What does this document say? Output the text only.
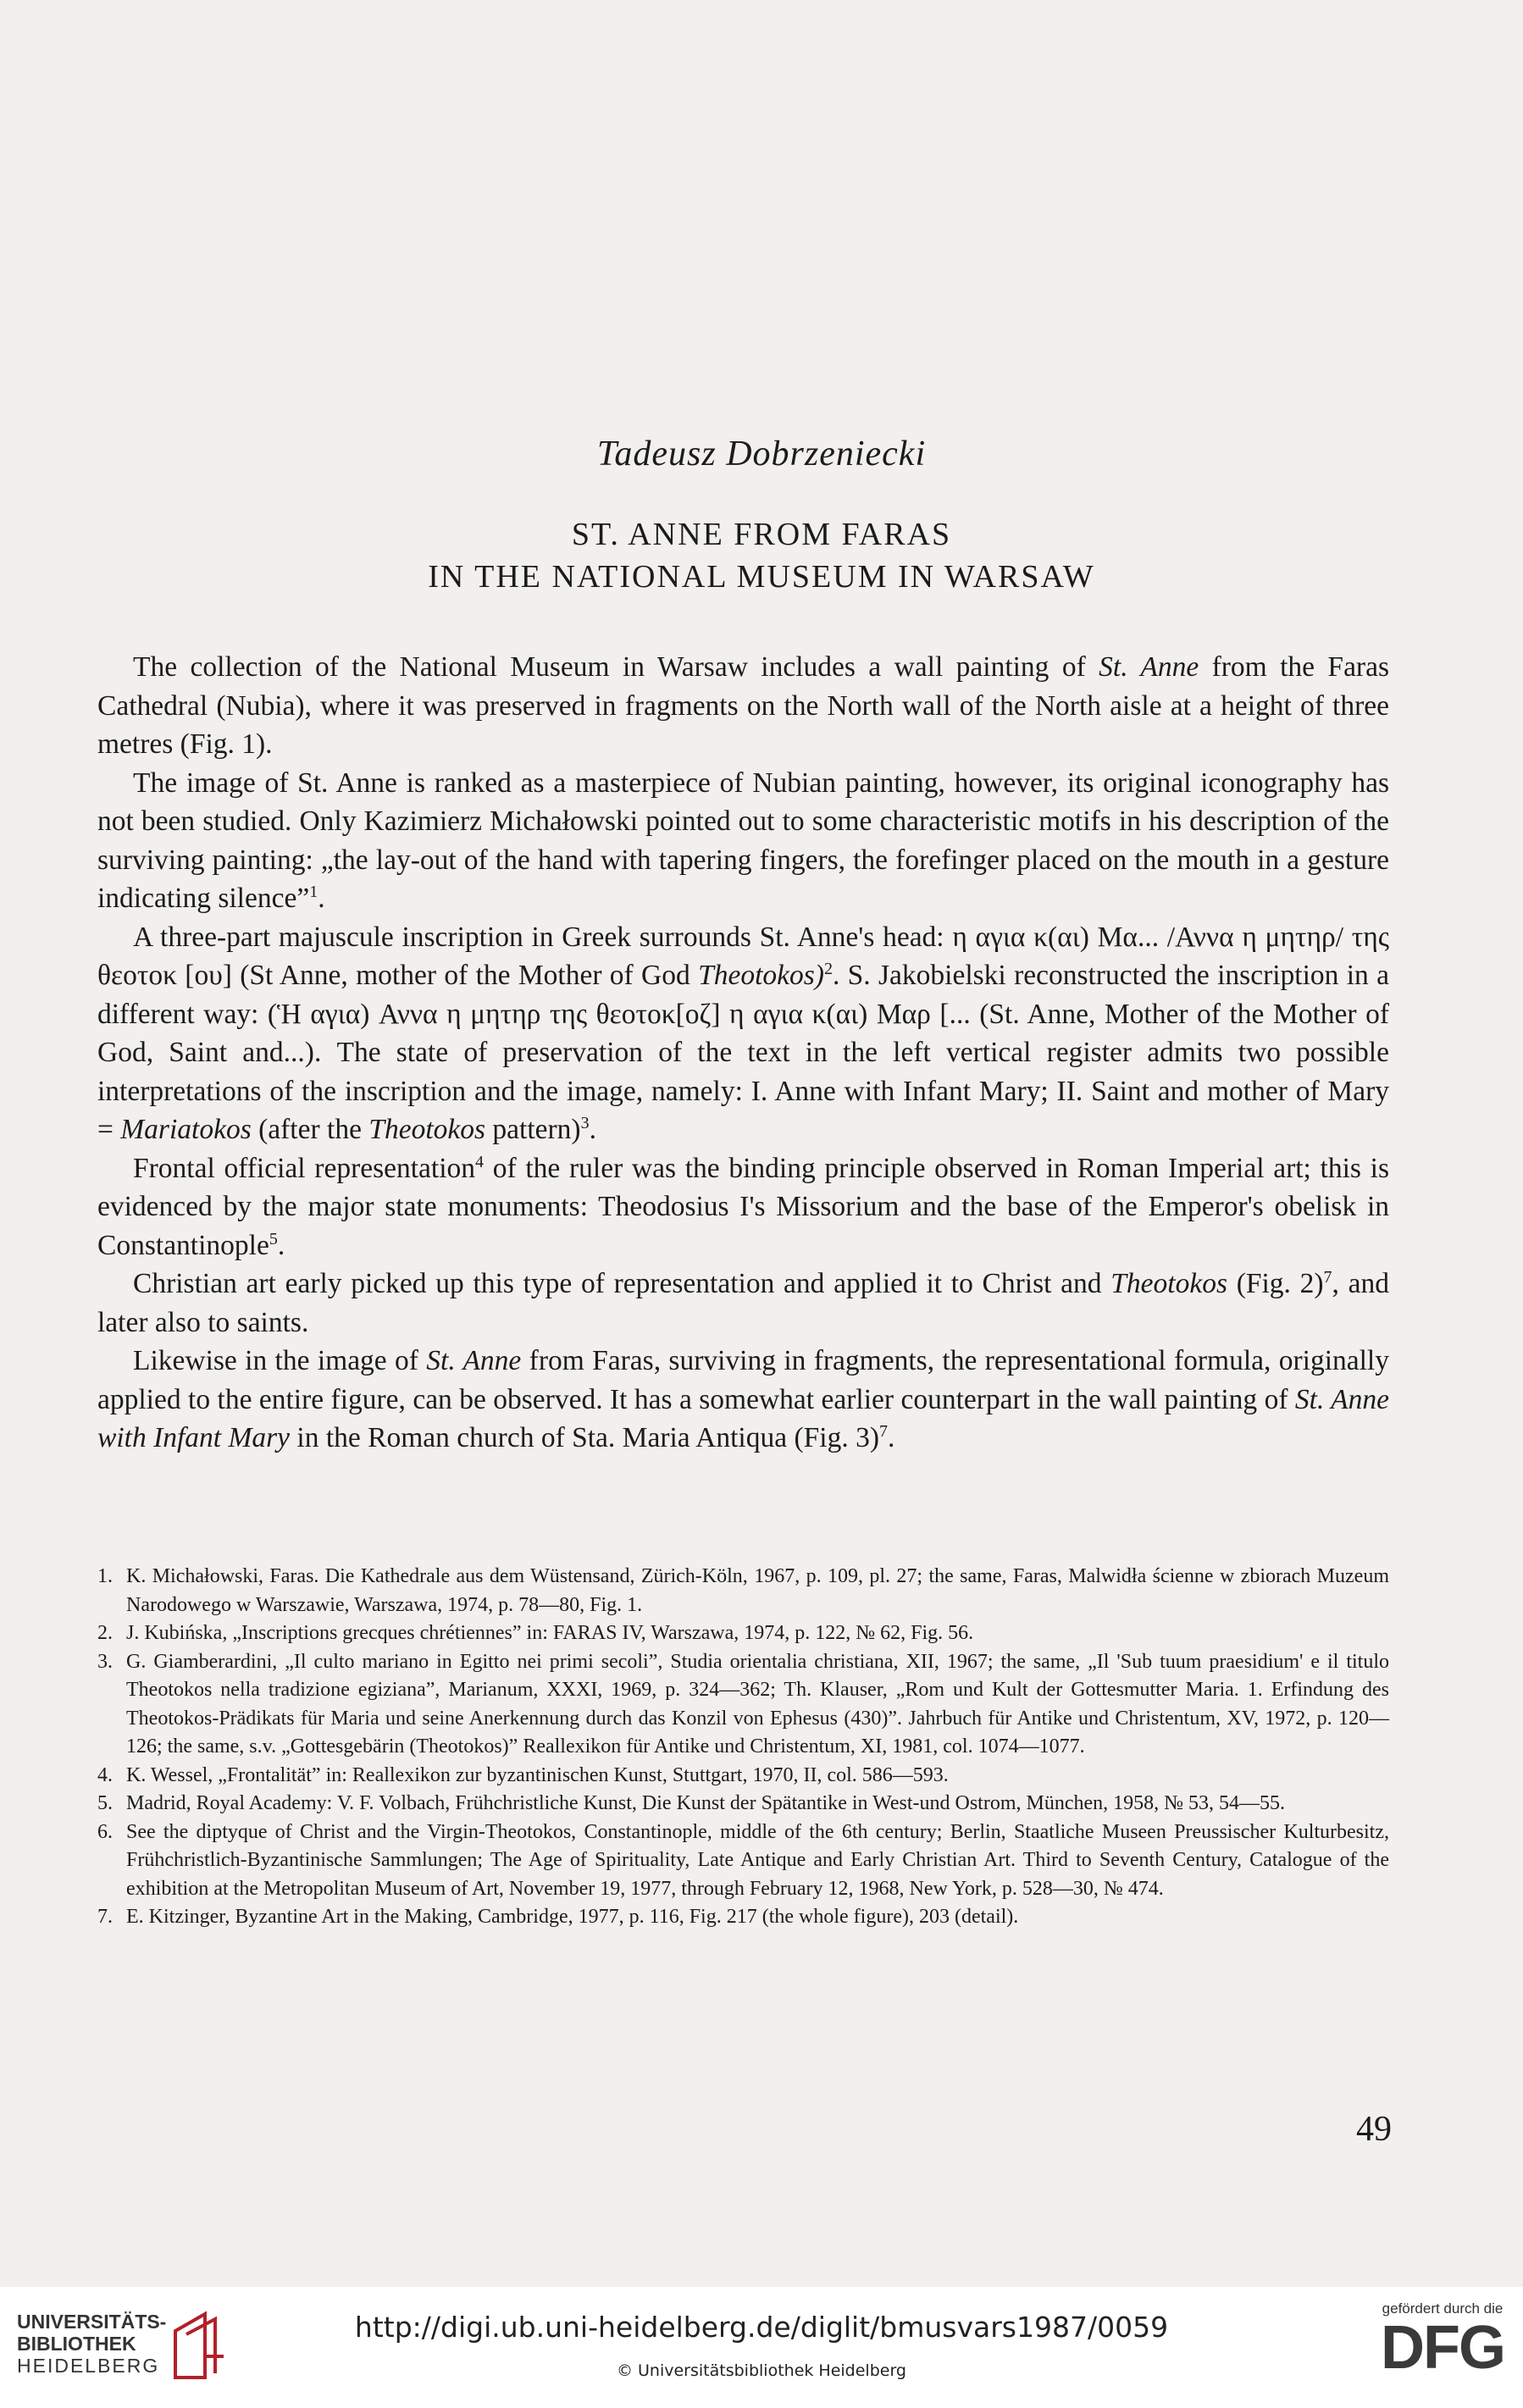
Tadeusz Dobrzeniecki
ST. ANNE FROM FARAS
IN THE NATIONAL MUSEUM IN WARSAW

The collection of the National Museum in Warsaw includes a wall painting of St. Anne from the Faras Cathedral (Nubia), where it was preserved in fragments on the North wall of the North aisle at a height of three metres (Fig. 1).

The image of St. Anne is ranked as a masterpiece of Nubian painting, however, its original iconography has not been studied. Only Kazimierz Michałowski pointed out to some characteristic motifs in his description of the surviving painting: „the lay-out of the hand with tapering fingers, the forefinger placed on the mouth in a gesture indicating silence”$^1$.

A three-part majuscule inscription in Greek surrounds St. Anne's head: η αγια κ(αι) Μα... /Αννα η μητηρ/ της θεοτοκ [ου] (St Anne, mother of the Mother of God Theotokos)$^2$. S. Jakobielski reconstructed the inscription in a different way: (Ἡ αγια) Αννα η μητηρ της θεοτοκ[οζ] η αγια κ(αι) Μαρ [... (St. Anne, Mother of the Mother of God, Saint and...). The state of preservation of the text in the left vertical register admits two possible interpretations of the inscription and the image, namely: I. Anne with Infant Mary; II. Saint and mother of Mary = Mariatokos (after the Theotokos pattern)$^3$.

Frontal official representation$^4$ of the ruler was the binding principle observed in Roman Imperial art; this is evidenced by the major state monuments: Theodosius I's Missorium and the base of the Emperor's obelisk in Constantinople$^5$.

Christian art early picked up this type of representation and applied it to Christ and Theotokos (Fig. 2)$^7$, and later also to saints.

Likewise in the image of St. Anne from Faras, surviving in fragments, the representational formula, originally applied to the entire figure, can be observed. It has a somewhat earlier counterpart in the wall painting of St. Anne with Infant Mary in the Roman church of Sta. Maria Antiqua (Fig. 3)$^7$.

1. K. Michałowski, Faras. Die Kathedrale aus dem Wüstensand, Zürich-Köln, 1967, p. 109, pl. 27; the same, Faras, Malwidła ścienne w zbiorach Muzeum Narodowego w Warszawie, Warszawa, 1974, p. 78—80, Fig. 1.
2. J. Kubińska, „Inscriptions grecques chrétiennes” in: FARAS IV, Warszawa, 1974, p. 122, № 62, Fig. 56.
3. G. Giamberardini, „Il culto mariano in Egitto nei primi secoli”, Studia orientalia christiana, XII, 1967; the same, „Il 'Sub tuum praesidium' e il titulo Theotokos nella tradizione egiziana”, Marianum, XXXI, 1969, p. 324—362; Th. Klauser, „Rom und Kult der Gottesmutter Maria. 1. Erfindung des Theotokos-Prädikats für Maria und seine Anerkennung durch das Konzil von Ephesus (430)”. Jahrbuch für Antike und Christentum, XV, 1972, p. 120—126; the same, s.v. „Gottesgebärin (Theotokos)” Reallexikon für Antike und Christentum, XI, 1981, col. 1074—1077.
4. K. Wessel, „Frontalität” in: Reallexikon zur byzantinischen Kunst, Stuttgart, 1970, II, col. 586—593.
5. Madrid, Royal Academy: V. F. Volbach, Frühchristliche Kunst, Die Kunst der Spätantike in West-und Ostrom, München, 1958, № 53, 54—55.
6. See the diptyque of Christ and the Virgin-Theotokos, Constantinople, middle of the 6th century; Berlin, Staatliche Museen Preussischer Kulturbesitz, Frühchristlich-Byzantinische Sammlungen; The Age of Spirituality, Late Antique and Early Christian Art. Third to Seventh Century, Catalogue of the exhibition at the Metropolitan Museum of Art, November 19, 1977, through February 12, 1968, New York, p. 528—30, № 474.
7. E. Kitzinger, Byzantine Art in the Making, Cambridge, 1977, p. 116, Fig. 217 (the whole figure), 203 (detail).
49
UNIVERSITÄTS-
BIBLIOTHEK
HEIDELBERG
http://digi.ub.uni-heidelberg.de/diglit/bmusvars1987/0059
© Universitätsbibliothek Heidelberg
gefördert durch die
DFG
